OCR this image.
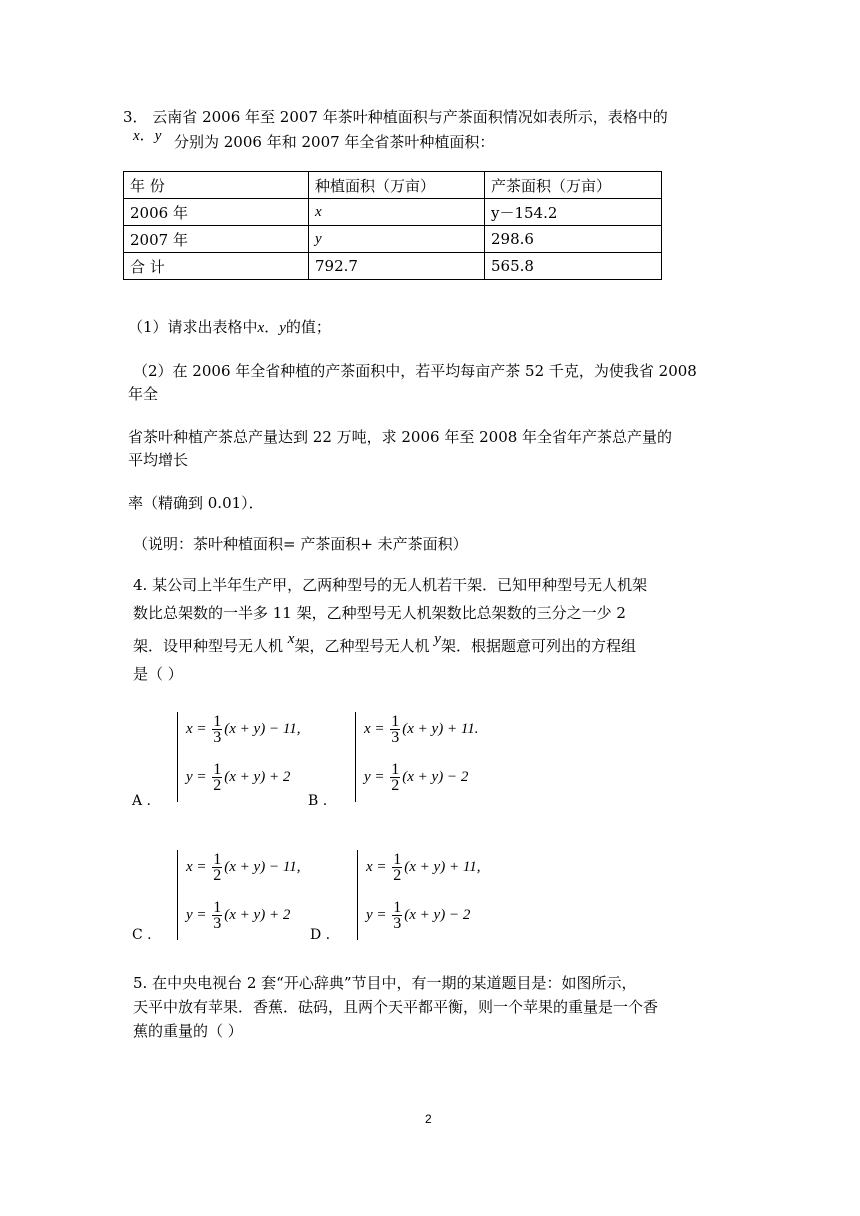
3． 云南省 2006 年至 2007 年茶叶种植面积与产茶面积情况如表所示，表格中的
x．y 分别为 2006 年和 2007 年全省茶叶种植面积：
年 份	种植面积（万亩）	产茶面积（万亩）
2006 年	x	y－154.2
2007 年	y	298.6
合 计	792.7	565.8
（1）请求出表格中x．y的值；
（2）在 2006 年全省种植的产茶面积中，若平均每亩产茶 52 千克，为使我省 2008
年全
省茶叶种植产茶总产量达到 22 万吨，求 2006 年至 2008 年全省年产茶总产量的
平均增长
率（精确到 0.01）．
（说明：茶叶种植面积= 产茶面积+ 未产茶面积）
4. 某公司上半年生产甲，乙两种型号的无人机若干架．已知甲种型号无人机架
数比总架数的一半多 11 架，乙种型号无人机架数比总架数的三分之一少 2
架．设甲种型号无人机 x架，乙种型号无人机 y架．根据题意可列出的方程组
是（ ）
$x = \frac{1}{3} (x + y) - 11$,
$y = \frac{1}{2} (x + y) + 2$
A .
$x = \frac{1}{3} (x + y) + 11$.
$y = \frac{1}{2} (x + y) - 2$
B .
$x = \frac{1}{2} (x + y) - 11$,
$y = \frac{1}{3} (x + y) + 2$
C .
$x = \frac{1}{2} (x + y) + 11$,
$y = \frac{1}{3} (x + y) - 2$
D .
5. 在中央电视台 2 套“开心辞典”节目中，有一期的某道题目是：如图所示，
天平中放有苹果．香蕉．砝码，且两个天平都平衡，则一个苹果的重量是一个香
蕉的重量的（ ）
2
